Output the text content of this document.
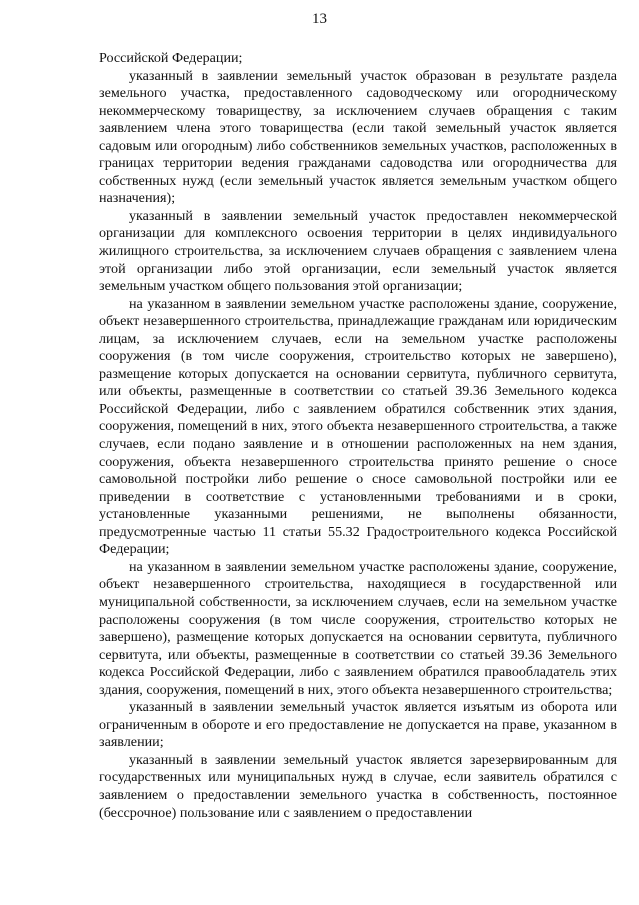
13

Российской Федерации;

указанный в заявлении земельный участок образован в результате раздела земельного участка, предоставленного садоводческому или огородническому некоммерческому товариществу, за исключением случаев обращения с таким заявлением члена этого товарищества (если такой земельный участок является садовым или огородным) либо собственников земельных участков, расположенных в границах территории ведения гражданами садоводства или огородничества для собственных нужд (если земельный участок является земельным участком общего назначения);

указанный в заявлении земельный участок предоставлен некоммерческой организации для комплексного освоения территории в целях индивидуального жилищного строительства, за исключением случаев обращения с заявлением члена этой организации либо этой организации, если земельный участок является земельным участком общего пользования этой организации;

на указанном в заявлении земельном участке расположены здание, сооружение, объект незавершенного строительства, принадлежащие гражданам или юридическим лицам, за исключением случаев, если на земельном участке расположены сооружения (в том числе сооружения, строительство которых не завершено), размещение которых допускается на основании сервитута, публичного сервитута, или объекты, размещенные в соответствии со статьей 39.36 Земельного кодекса Российской Федерации, либо с заявлением обратился собственник этих здания, сооружения, помещений в них, этого объекта незавершенного строительства, а также случаев, если подано заявление и в отношении расположенных на нем здания, сооружения, объекта незавершенного строительства принято решение о сносе самовольной постройки либо решение о сносе самовольной постройки или ее приведении в соответствие с установленными требованиями и в сроки, установленные указанными решениями, не выполнены обязанности, предусмотренные частью 11 статьи 55.32 Градостроительного кодекса Российской Федерации;

на указанном в заявлении земельном участке расположены здание, сооружение, объект незавершенного строительства, находящиеся в государственной или муниципальной собственности, за исключением случаев, если на земельном участке расположены сооружения (в том числе сооружения, строительство которых не завершено), размещение которых допускается на основании сервитута, публичного сервитута, или объекты, размещенные в соответствии со статьей 39.36 Земельного кодекса Российской Федерации, либо с заявлением обратился правообладатель этих здания, сооружения, помещений в них, этого объекта незавершенного строительства;

указанный в заявлении земельный участок является изъятым из оборота или ограниченным в обороте и его предоставление не допускается на праве, указанном в заявлении;

указанный в заявлении земельный участок является зарезервированным для государственных или муниципальных нужд в случае, если заявитель обратился с заявлением о предоставлении земельного участка в собственность, постоянное (бессрочное) пользование или с заявлением о предоставлении
